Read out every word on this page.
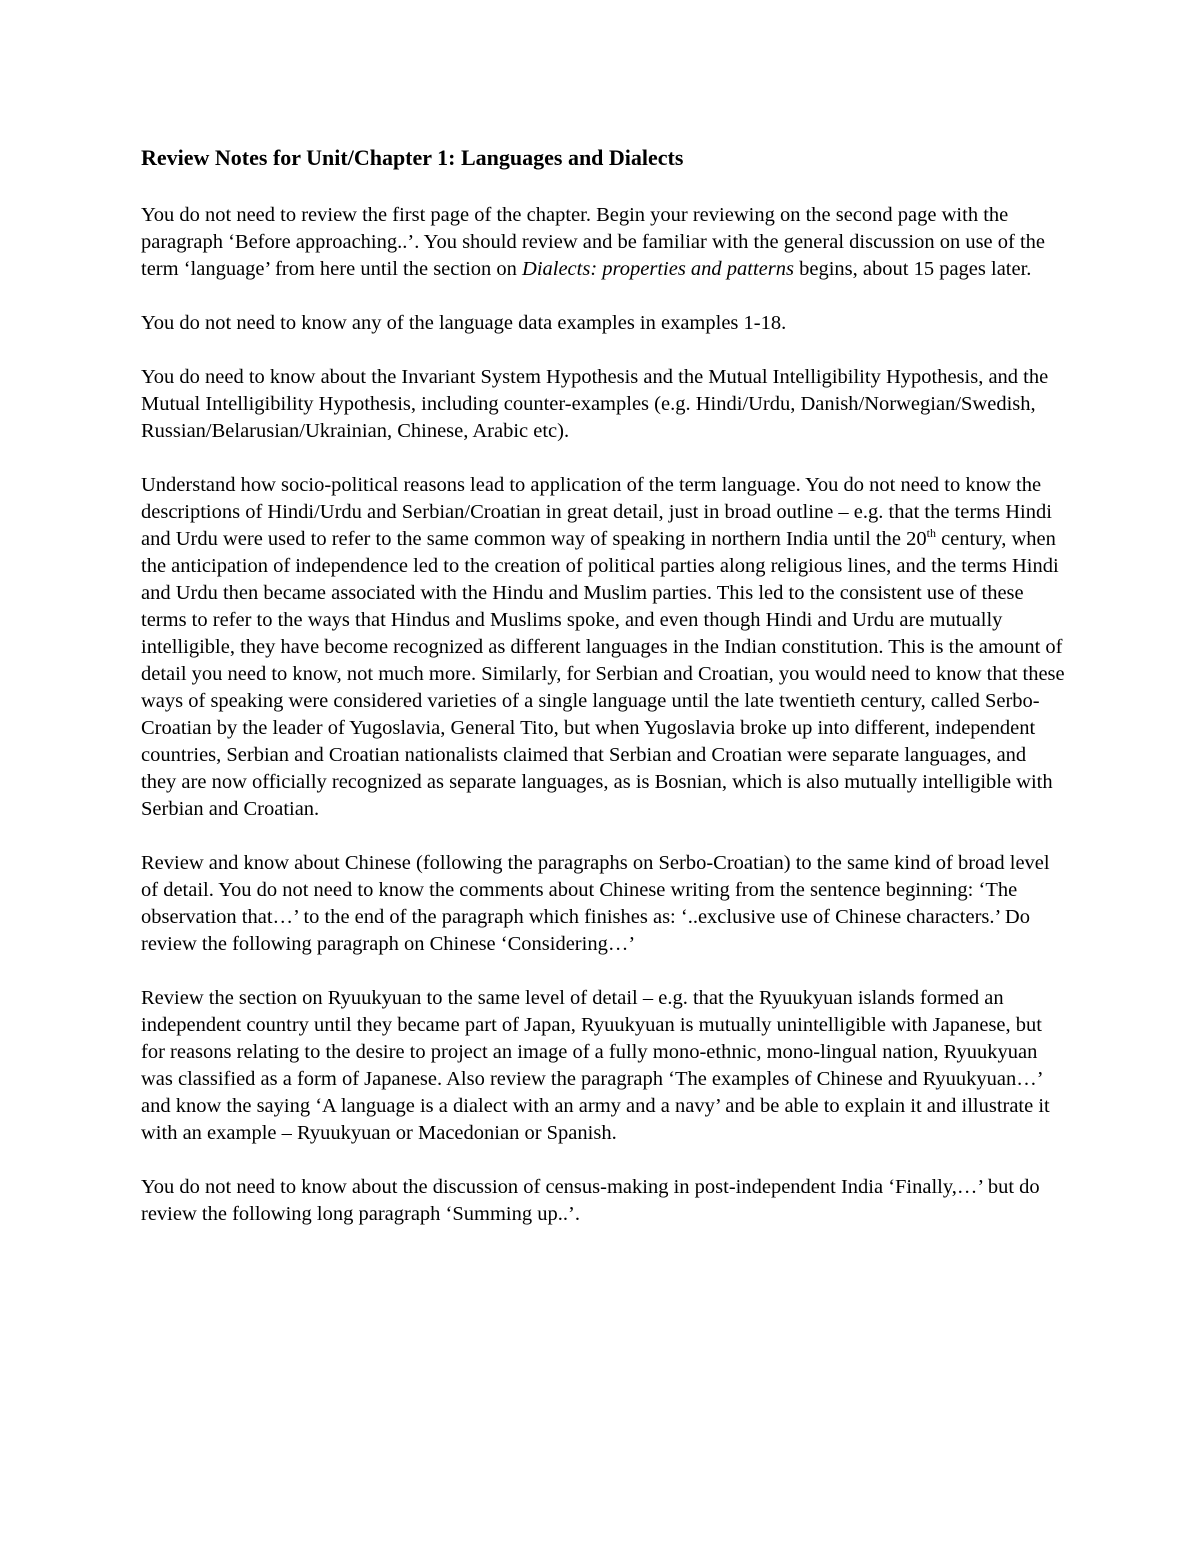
Review Notes for Unit/Chapter 1: Languages and Dialects

You do not need to review the first page of the chapter. Begin your reviewing on the second page with the paragraph ‘Before approaching..’. You should review and be familiar with the general discussion on use of the term ‘language’ from here until the section on Dialects: properties and patterns begins, about 15 pages later.

You do not need to know any of the language data examples in examples 1-18.

You do need to know about the Invariant System Hypothesis and the Mutual Intelligibility Hypothesis, and the Mutual Intelligibility Hypothesis, including counter-examples (e.g. Hindi/Urdu, Danish/Norwegian/Swedish, Russian/Belarusian/Ukrainian, Chinese, Arabic etc).

Understand how socio-political reasons lead to application of the term language. You do not need to know the descriptions of Hindi/Urdu and Serbian/Croatian in great detail, just in broad outline – e.g. that the terms Hindi and Urdu were used to refer to the same common way of speaking in northern India until the 20th century, when the anticipation of independence led to the creation of political parties along religious lines, and the terms Hindi and Urdu then became associated with the Hindu and Muslim parties. This led to the consistent use of these terms to refer to the ways that Hindus and Muslims spoke, and even though Hindi and Urdu are mutually intelligible, they have become recognized as different languages in the Indian constitution. This is the amount of detail you need to know, not much more. Similarly, for Serbian and Croatian, you would need to know that these ways of speaking were considered varieties of a single language until the late twentieth century, called Serbo-Croatian by the leader of Yugoslavia, General Tito, but when Yugoslavia broke up into different, independent countries, Serbian and Croatian nationalists claimed that Serbian and Croatian were separate languages, and they are now officially recognized as separate languages, as is Bosnian, which is also mutually intelligible with Serbian and Croatian.

Review and know about Chinese (following the paragraphs on Serbo-Croatian) to the same kind of broad level of detail. You do not need to know the comments about Chinese writing from the sentence beginning: ‘The observation that…’ to the end of the paragraph which finishes as: ‘..exclusive use of Chinese characters.’ Do review the following paragraph on Chinese ‘Considering…’

Review the section on Ryuukyuan to the same level of detail – e.g. that the Ryuukyuan islands formed an independent country until they became part of Japan, Ryuukyuan is mutually unintelligible with Japanese, but for reasons relating to the desire to project an image of a fully mono-ethnic, mono-lingual nation, Ryuukyuan was classified as a form of Japanese. Also review the paragraph ‘The examples of Chinese and Ryuukyuan…’ and know the saying ‘A language is a dialect with an army and a navy’ and be able to explain it and illustrate it with an example – Ryuukyuan or Macedonian or Spanish.

You do not need to know about the discussion of census-making in post-independent India ‘Finally,…’ but do review the following long paragraph ‘Summing up..’.
